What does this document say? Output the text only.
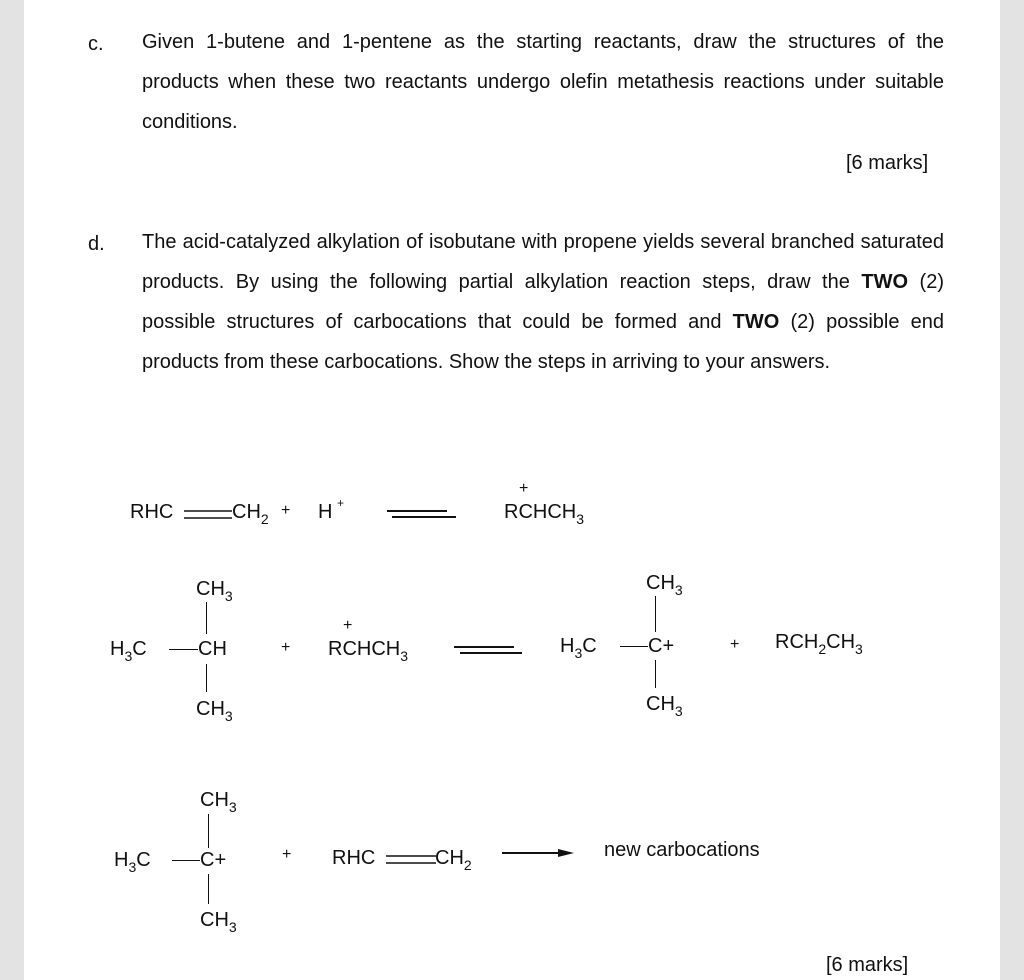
c. Given 1-butene and 1-pentene as the starting reactants, draw the structures of the products when these two reactants undergo olefin metathesis reactions under suitable conditions.
[6 marks]
d. The acid-catalyzed alkylation of isobutane with propene yields several branched saturated products. By using the following partial alkylation reaction steps, draw the TWO (2) possible structures of carbocations that could be formed and TWO (2) possible end products from these carbocations. Show the steps in arriving to your answers.
RHC	$CH_2 + H$ +	$RCHCH_3$
+
$CH_3$
$H_3C$	CH
$CH_3$
+ $RCHCH_3$
+
$CH_3$
$H_3C$	C+
$CH_3$
+ $RCH_2CH_3$
$CH_3$
$H_3C$ C+
$CH_3$
+ RHC	$CH_2$
new carbocations
[6 marks]
